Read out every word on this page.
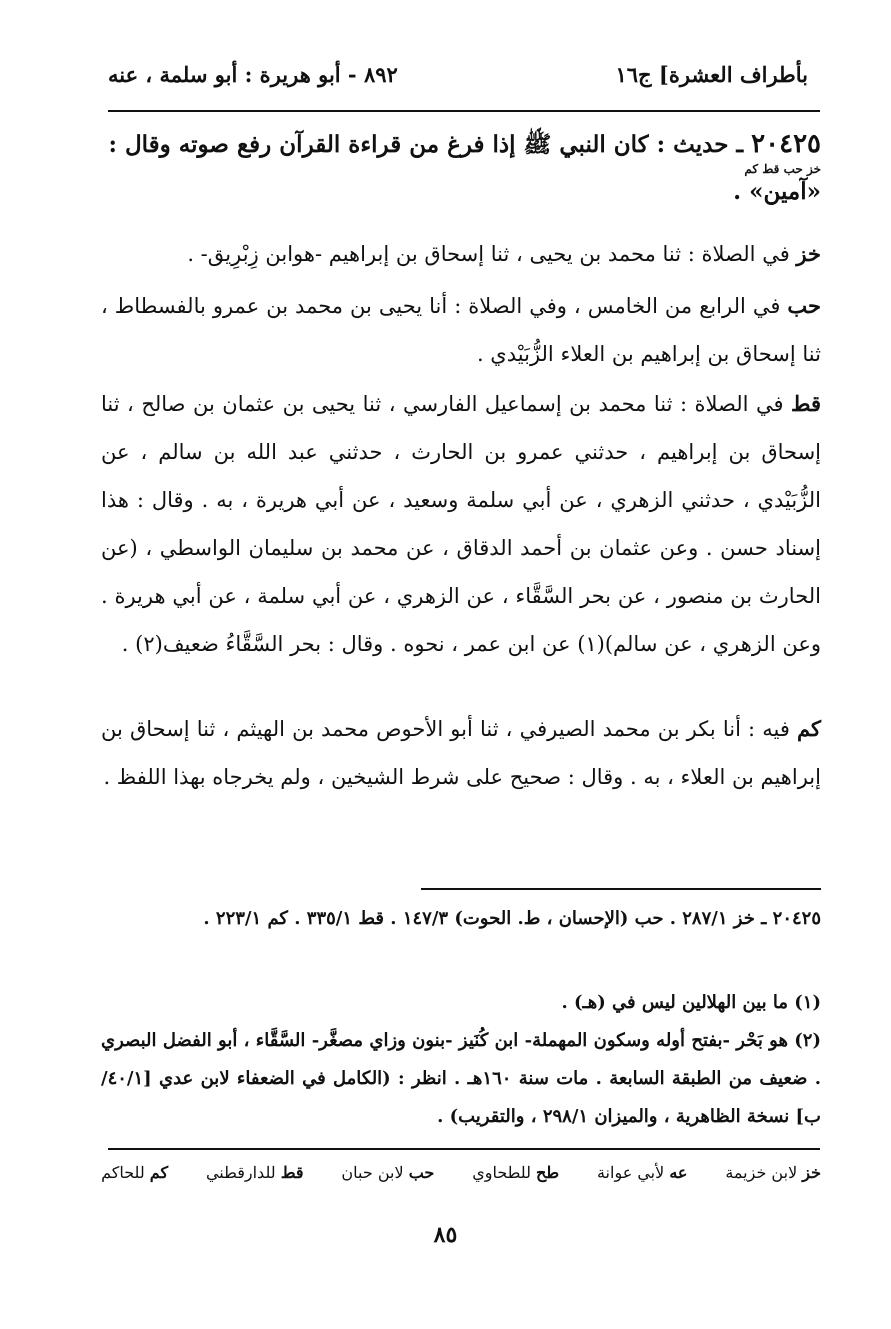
بأطراف العشرة] ج١٦
٨٩٢ - أبو هريرة : أبو سلمة ، عنه
٢٠٤٢٥ ـ حديث : كان النبي ﷺ إذا فرغ من قراءة القرآن رفع صوته وقال :
خز حب قط كم
«آمين» .
خز في الصلاة : ثنا محمد بن يحيى ، ثنا إسحاق بن إبراهيم -هوابن زِبْرِيق- .
حب في الرابع من الخامس ، وفي الصلاة : أنا يحيى بن محمد بن عمرو بالفسطاط ، ثنا إسحاق بن إبراهيم بن العلاء الزُّبَيْدي .
قط في الصلاة : ثنا محمد بن إسماعيل الفارسي ، ثنا يحيى بن عثمان بن صالح ، ثنا إسحاق بن إبراهيم ، حدثني عمرو بن الحارث ، حدثني عبد الله بن سالم ، عن الزُّبَيْدي ، حدثني الزهري ، عن أبي سلمة وسعيد ، عن أبي هريرة ، به . وقال : هذا إسناد حسن . وعن عثمان بن أحمد الدقاق ، عن محمد بن سليمان الواسطي ، (عن الحارث بن منصور ، عن بحر السَّقَّاء ، عن الزهري ، عن أبي سلمة ، عن أبي هريرة . وعن الزهري ، عن سالم)(١) عن ابن عمر ، نحوه . وقال : بحر السَّقَّاءُ ضعيف(٢) .
كم فيه : أنا بكر بن محمد الصيرفي ، ثنا أبو الأحوص محمد بن الهيثم ، ثنا إسحاق بن إبراهيم بن العلاء ، به . وقال : صحيح على شرط الشيخين ، ولم يخرجاه بهذا اللفظ .
٢٠٤٢٥ ـ خز ٢٨٧/١ . حب (الإحسان ، ط. الحوت) ١٤٧/٣ . قط ٣٣٥/١ . كم ٢٢٣/١ .
(١) ما بين الهلالين ليس في (هـ) .
(٢) هو بَحْر -بفتح أوله وسكون المهملة- ابن كُنَيز -بنون وزاي مصغَّر- السَّقَّاء ، أبو الفضل البصري . ضعيف من الطبقة السابعة . مات سنة ١٦٠هـ . انظر : (الكامل في الضعفاء لابن عدي [٤٠/١/ب] نسخة الظاهرية ، والميزان ٢٩٨/١ ، والتقريب) .
خز لابن خزيمة
عه لأبي عوانة
طح للطحاوي
حب لابن حبان
قط للدارقطني
كم للحاكم
٨٥
